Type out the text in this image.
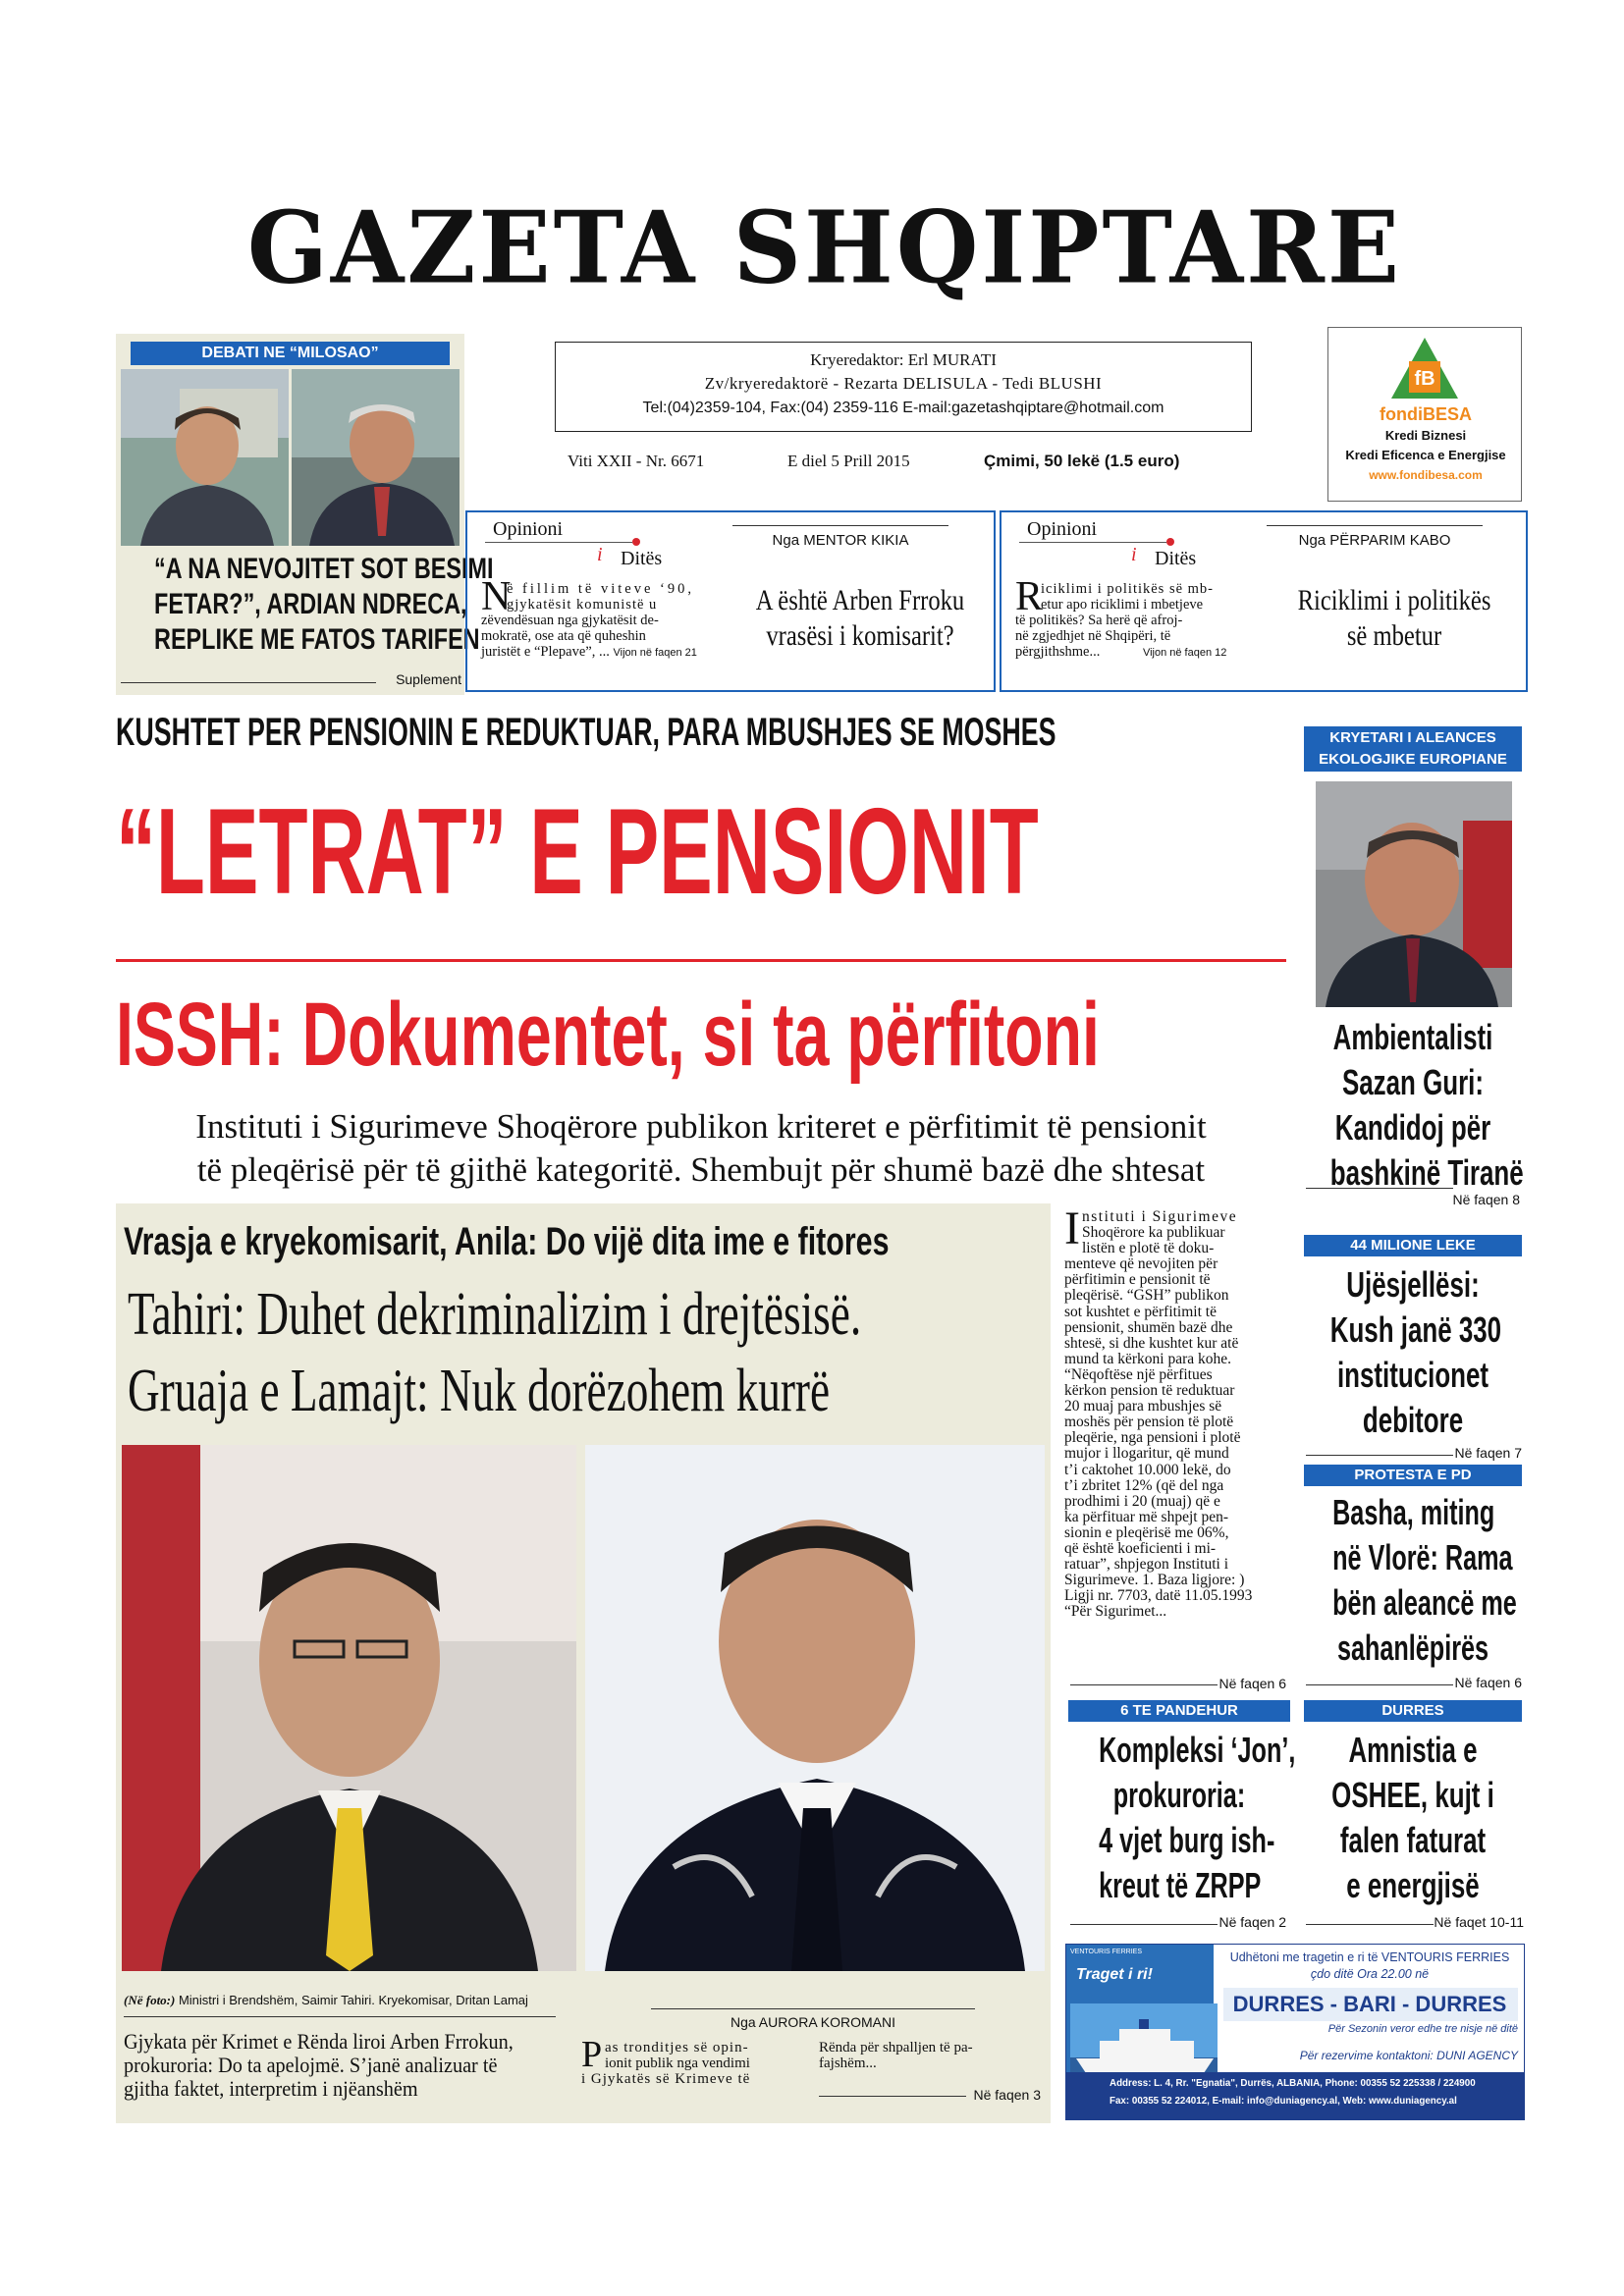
GAZETA SHQIPTARE
DEBATI NE “MILOSAO”
“A NA NEVOJITET SOT BESIMI
FETAR?”, ARDIAN NDRECA,
REPLIKE ME FATOS TARIFEN
Suplement
Kryeredaktor: Erl MURATI
Zv/kryeredaktorë - Rezarta DELISULA - Tedi BLUSHI
Tel:(04)2359-104, Fax:(04) 2359-116 E-mail:gazetashqiptare@hotmail.com
Viti XXII - Nr. 6671	E diel 5 Prill 2015	Çmimi, 50 lekë (1.5 euro)
fB
fondiBESA
Kredi Biznesi
Kredi Eficenca e Energjise
www.fondibesa.com
Opinioni
i Ditës
Nga MENTOR KIKIA
N
ë fillim të viteve ‘90,
gjykatësit komunistë u
zëvendësuan nga gjykatësit de-
mokratë, ose ata që quheshin
juristët e “Plepave”, ... Vijon në faqen 21
A është Arben Frroku
vrasësi i komisarit?
Opinioni
i Ditës
Nga PËRPARIM KABO
R
iciklimi i politikës së mb-
etur apo riciklimi i mbetjeve
të politikës? Sa herë që afroj-
në zgjedhjet në Shqipëri, të
përgjithshme...	Vijon në faqen 12
Riciklimi i politikës
së mbetur
KUSHTET PER PENSIONIN E REDUKTUAR, PARA MBUSHJES SE MOSHES
“LETRAT” E PENSIONIT
ISSH: Dokumentet, si ta përfitoni
Instituti i Sigurimeve Shoqërore publikon kriteret e përfitimit të pensionit
të pleqërisë për të gjithë kategoritë. Shembujt për shumë bazë dhe shtesat
KRYETARI I ALEANCES
EKOLOGJIKE EUROPIANE
Ambientalisti
Sazan Guri:
Kandidoj për
bashkinë Tiranë
Në faqen 8
Vrasja e kryekomisarit, Anila: Do vijë dita ime e fitores
Tahiri: Duhet dekriminalizim i drejtësisë.
Gruaja e Lamajt: Nuk dorëzohem kurrë
(Në foto:) Ministri i Brendshëm, Saimir Tahiri. Kryekomisar, Dritan Lamaj
Gjykata për Krimet e Rënda liroi Arben Frrokun,
prokuroria: Do ta apelojmë. S’janë analizuar të
gjitha faktet, interpretim i njëanshëm
Nga AURORA KOROMANI
P as tronditjes së opin-
ionit publik nga vendimi
i Gjykatës së Krimeve të
Rënda për shpalljen të pa-
fajshëm...
Në faqen 3
I nstituti i Sigurimeve
Shoqërore ka publikuar
listën e plotë të doku-
menteve që nevojiten për
përfitimin e pensionit të
pleqërisë. “GSH” publikon
sot kushtet e përfitimit të
pensionit, shumën bazë dhe
shtesë, si dhe kushtet kur atë
mund ta kërkoni para kohe.
“Nëqoftëse një përfitues
kërkon pension të reduktuar
20 muaj para mbushjes së
moshës për pension të plotë
pleqërie, nga pensioni i plotë
mujor i llogaritur, që mund
t’i caktohet 10.000 lekë, do
t’i zbritet 12% (që del nga
prodhimi i 20 (muaj) që e
ka përfituar më shpejt pen-
sionin e pleqërisë me 06%,
që është koeficienti i mi-
ratuar”, shpjegon Instituti i
Sigurimeve. 1. Baza ligjore: )
Ligji nr. 7703, datë 11.05.1993
“Për Sigurimet...
Në faqen 6
44 MILIONE LEKE
Ujësjellësi:
Kush janë 330
institucionet
debitore
Në faqen 7
PROTESTA E PD
Basha, miting
në Vlorë: Rama
bën aleancë me
sahanlëpirës
Në faqen 6
6 TE PANDEHUR
Kompleksi ‘Jon’,
prokuroria:
4 vjet burg ish-
kreut të ZRPP
Në faqen 2
DURRES
Amnistia e
OSHEE, kujt i
falen faturat
e energjisë
Në faqet 10-11
Traget i ri!
VENTOURIS FERRIES	Udhëtoni me tragetin e ri të VENTOURIS FERRIES
çdo ditë Ora 22.00 në
DURRES - BARI - DURRES
Për Sezonin veror edhe tre nisje në ditë
Për rezervime kontaktoni: DUNI AGENCY
Address: L. 4, Rr. "Egnatia", Durrës, ALBANIA, Phone: 00355 52 225338 / 224900
Fax: 00355 52 224012, E-mail: info@duniagency.al, Web: www.duniagency.al
